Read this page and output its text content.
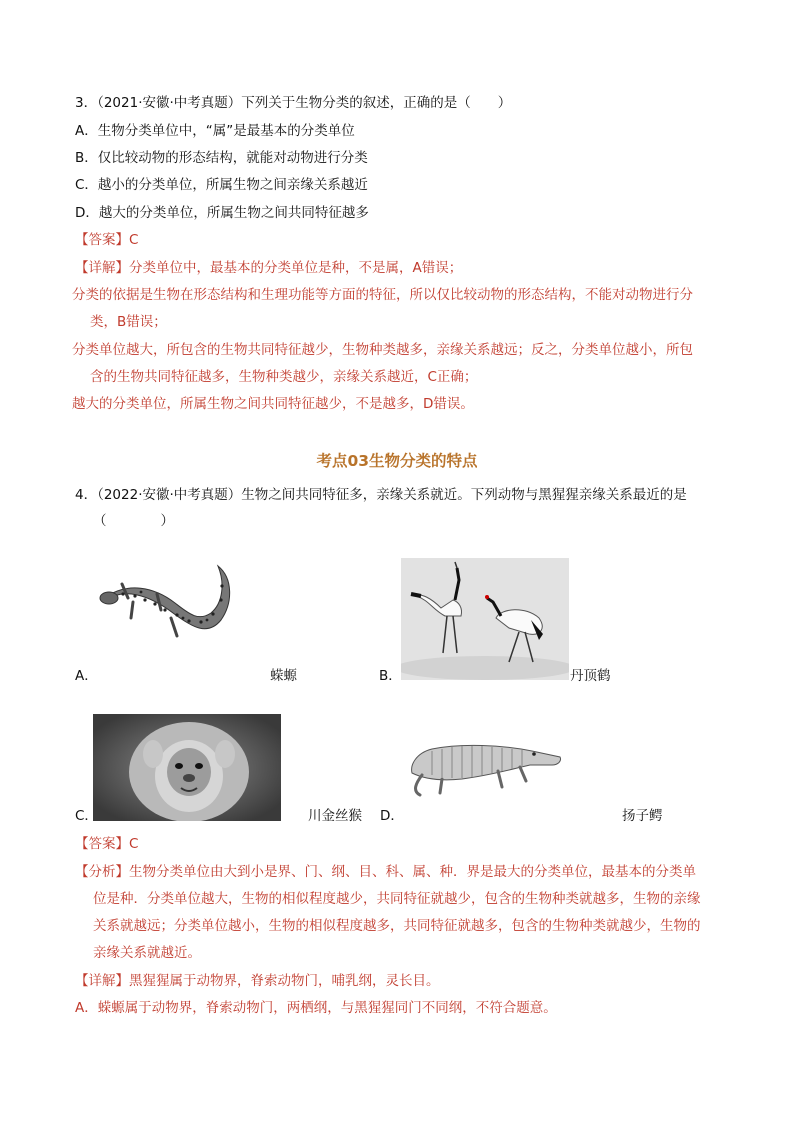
3．（2021·安徽·中考真题）下列关于生物分类的叙述，正确的是（　　）
A．生物分类单位中，“属”是最基本的分类单位
B．仅比较动物的形态结构，就能对动物进行分类
C．越小的分类单位，所属生物之间亲缘关系越近
D．越大的分类单位，所属生物之间共同特征越多
【答案】C
【详解】分类单位中，最基本的分类单位是种，不是属，A错误；
分类的依据是生物在形态结构和生理功能等方面的特征，所以仅比较动物的形态结构，不能对动物进行分
类，B错误；
分类单位越大，所包含的生物共同特征越少，生物种类越多，亲缘关系越远；反之，分类单位越小，所包
含的生物共同特征越多，生物种类越少，亲缘关系越近，C正确；
越大的分类单位，所属生物之间共同特征越少，不是越多，D错误。
考点03生物分类的特点
4．（2022·安徽·中考真题）生物之间共同特征多，亲缘关系就近。下列动物与黑猩猩亲缘关系最近的是
（　　　　）
A．	蝾螈	B．	丹顶鹤
C．	川金丝猴 D．	扬子鳄
【答案】C
【分析】生物分类单位由大到小是界、门、纲、目、科、属、种．界是最大的分类单位，最基本的分类单
位是种．分类单位越大，生物的相似程度越少，共同特征就越少，包含的生物种类就越多，生物的亲缘
关系就越远；分类单位越小，生物的相似程度越多，共同特征就越多，包含的生物种类就越少，生物的
亲缘关系就越近。
【详解】黑猩猩属于动物界，脊索动物门，哺乳纲，灵长目。
A．蝾螈属于动物界，脊索动物门，两栖纲，与黑猩猩同门不同纲，不符合题意。
